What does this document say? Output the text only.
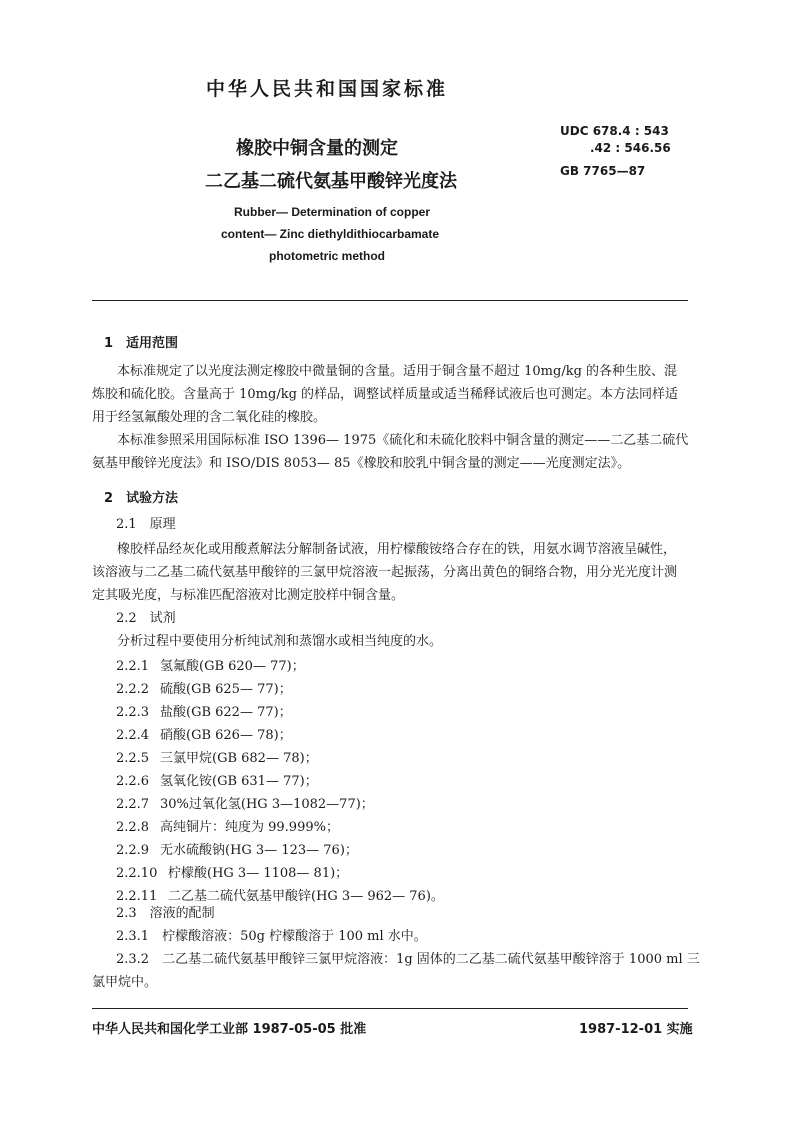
中华人民共和国国家标准
橡胶中铜含量的测定
二乙基二硫代氨基甲酸锌光度法
UDC 678.4 : 543
.42 : 546.56
GB 7765—87
Rubber— Determination of copper
content— Zinc diethyldithiocarbamate
photometric method
1　适用范围
本标准规定了以光度法测定橡胶中微量铜的含量。适用于铜含量不超过 10mg/kg 的各种生胶、混
炼胶和硫化胶。含量高于 10mg/kg 的样品，调整试样质量或适当稀释试液后也可测定。本方法同样适
用于经氢氟酸处理的含二氧化硅的橡胶。
本标准参照采用国际标准 ISO 1396— 1975《硫化和未硫化胶料中铜含量的测定——二乙基二硫代
氨基甲酸锌光度法》和 ISO/DIS 8053— 85《橡胶和胶乳中铜含量的测定——光度测定法》。
2　试验方法
2.1　原理
橡胶样品经灰化或用酸煮解法分解制备试液，用柠檬酸铵络合存在的铁，用氨水调节溶液呈碱性，
该溶液与二乙基二硫代氨基甲酸锌的三氯甲烷溶液一起振荡，分离出黄色的铜络合物，用分光光度计测
定其吸光度，与标准匹配溶液对比测定胶样中铜含量。
2.2　试剂
分析过程中要使用分析纯试剂和蒸馏水或相当纯度的水。
2.2.1 氢氟酸(GB 620— 77)；
2.2.2 硫酸(GB 625— 77)；
2.2.3 盐酸(GB 622— 77)；
2.2.4 硝酸(GB 626— 78)；
2.2.5 三氯甲烷(GB 682— 78)；
2.2.6 氢氧化铵(GB 631— 77)；
2.2.7 30%过氧化氢(HG 3—1082—77)；
2.2.8 高纯铜片：纯度为 99.999%；
2.2.9 无水硫酸钠(HG 3— 123— 76)；
2.2.10 柠檬酸(HG 3— 1108— 81)；
2.2.11 二乙基二硫代氨基甲酸锌(HG 3— 962— 76)。
2.3　溶液的配制
2.3.1　柠檬酸溶液：50g 柠檬酸溶于 100 ml 水中。
2.3.2　二乙基二硫代氨基甲酸锌三氯甲烷溶液：1g 固体的二乙基二硫代氨基甲酸锌溶于 1000 ml 三
氯甲烷中。
中华人民共和国化学工业部 1987-05-05 批准	1987-12-01 实施
